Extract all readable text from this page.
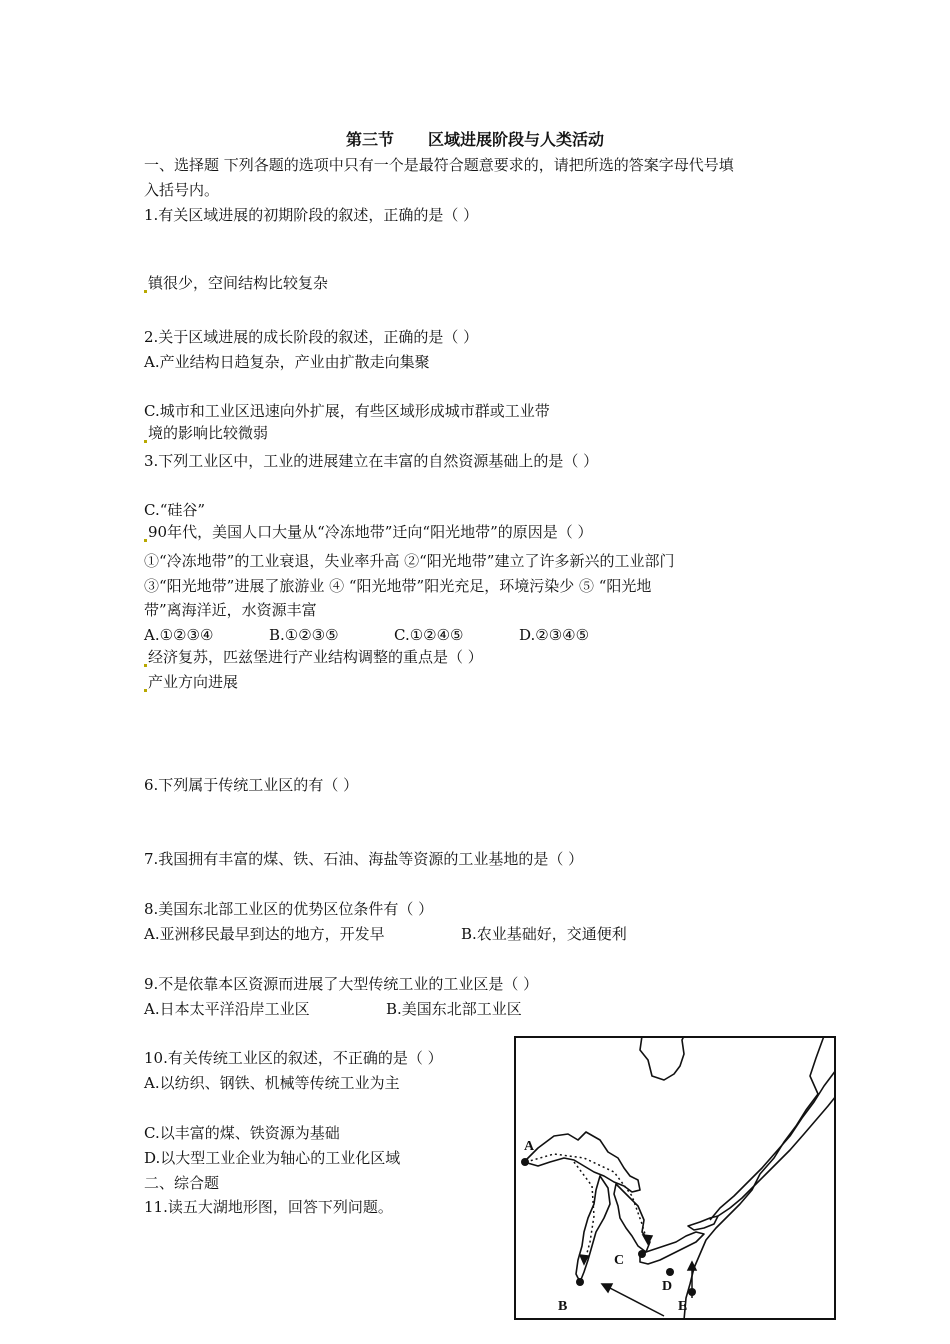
第三节 区域进展阶段与人类活动
一、选择题 下列各题的选项中只有一个是最符合题意要求的，请把所选的答案字母代号填
入括号内。
1.有关区域进展的初期阶段的叙述，正确的是（ ）
镇很少，空间结构比较复杂
2.关于区域进展的成长阶段的叙述，正确的是（ ）
A.产业结构日趋复杂，产业由扩散走向集聚
C.城市和工业区迅速向外扩展，有些区域形成城市群或工业带
境的影响比较微弱
3.下列工业区中，工业的进展建立在丰富的自然资源基础上的是（ ）
C.“硅谷”
90年代，美国人口大量从“冷冻地带”迁向“阳光地带”的原因是（ ）
①“冷冻地带”的工业衰退，失业率升高 ②“阳光地带”建立了许多新兴的工业部门
③“阳光地带”进展了旅游业 ④ “阳光地带”阳光充足，环境污染少 ⑤ “阳光地
带”离海洋近，水资源丰富
A.①②③④	B.①②③⑤	C.①②④⑤	D.②③④⑤
经济复苏，匹兹堡进行产业结构调整的重点是（ ）
产业方向进展
6.下列属于传统工业区的有（ ）
7.我国拥有丰富的煤、铁、石油、海盐等资源的工业基地的是（ ）
8.美国东北部工业区的优势区位条件有（ ）
A.亚洲移民最早到达的地方，开发早	B.农业基础好，交通便利
9.不是依靠本区资源而进展了大型传统工业的工业区是（ ）
A.日本太平洋沿岸工业区	B.美国东北部工业区
10.有关传统工业区的叙述，不正确的是（ ）
A.以纺织、钢铁、机械等传统工业为主
C.以丰富的煤、铁资源为基础
D.以大型工业企业为轴心的工业化区域
二、综合题
11.读五大湖地形图，回答下列问题。
A
B
C
D
E
